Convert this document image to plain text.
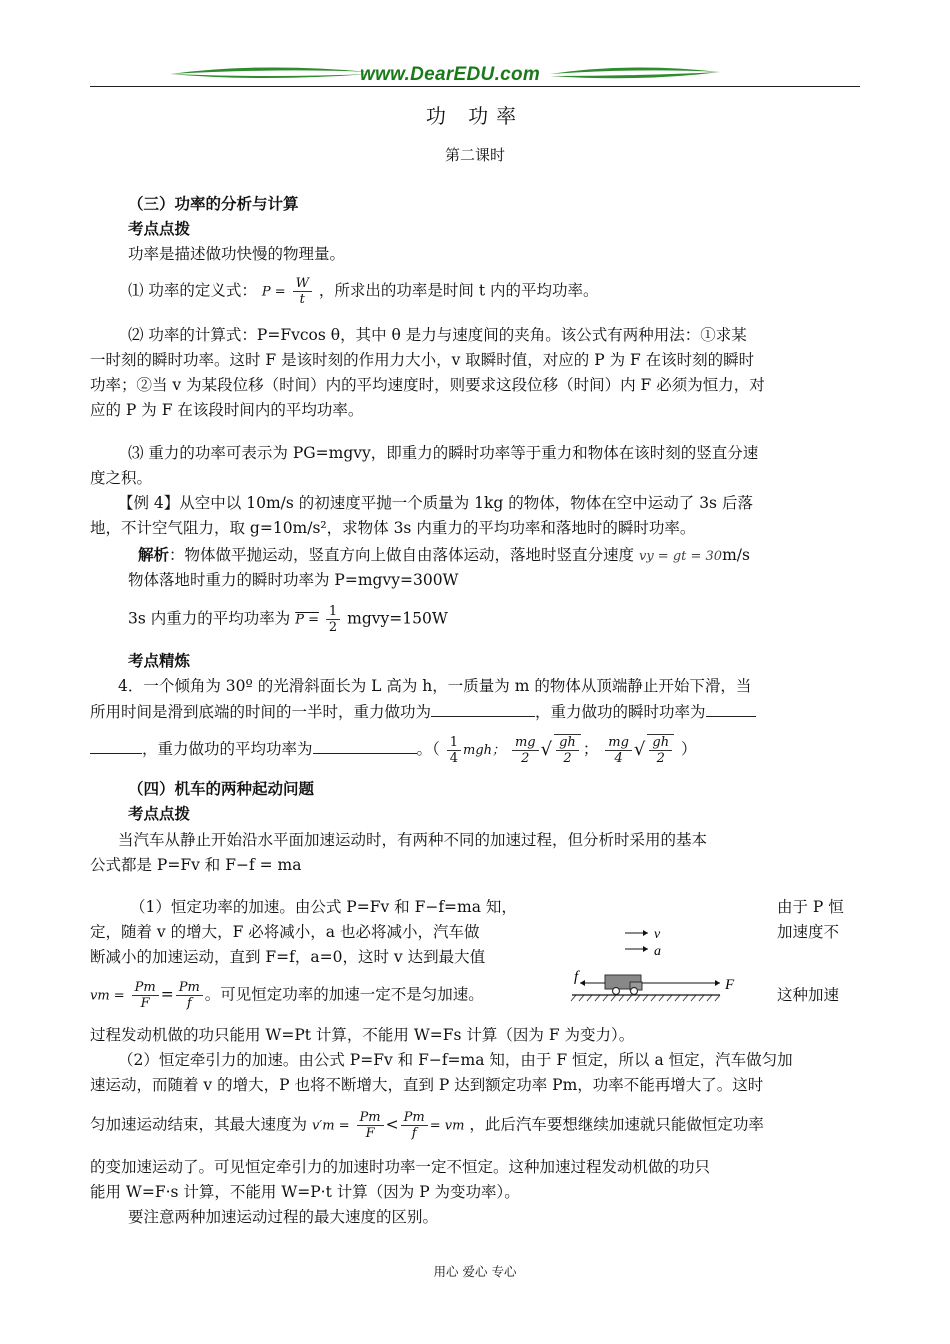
www.DearEDU.com
功 功率
第二课时
（三）功率的分析与计算
考点点拨
功率是描述做功快慢的物理量。
⑴ 功率的定义式： $P = \frac{W}{t}$ ，所求出的功率是时间 t 内的平均功率。
⑵ 功率的计算式：P=Fvcos θ，其中 θ 是力与速度间的夹角。该公式有两种用法：①求某
一时刻的瞬时功率。这时 F 是该时刻的作用力大小，v 取瞬时值，对应的 P 为 F 在该时刻的瞬时
功率；②当 v 为某段位移（时间）内的平均速度时，则要求这段位移（时间）内 F 必须为恒力，对
应的 P 为 F 在该段时间内的平均功率。
⑶ 重力的功率可表示为 PG=mgvy，即重力的瞬时功率等于重力和物体在该时刻的竖直分速
度之积。
【例 4】从空中以 10m/s 的初速度平抛一个质量为 1kg 的物体，物体在空中运动了 3s 后落
地，不计空气阻力，取 g=10m/s²，求物体 3s 内重力的平均功率和落地时的瞬时功率。
解析：物体做平抛运动，竖直方向上做自由落体运动，落地时竖直分速度 vy = gt = 30m/s
物体落地时重力的瞬时功率为 P=mgvy=300W
3s 内重力的平均功率为 $P = \frac{1}{2}$ mgvy=150W
考点精炼
4．一个倾角为 30º 的光滑斜面长为 L 高为 h，一质量为 m 的物体从顶端静止开始下滑，当
所用时间是滑到底端的时间的一半时，重力做功为	，重力做功的瞬时功率为
，重力做功的平均功率为	。（ $\frac{1}{4}$ mgh； $\frac{mg}{2}$ √ $\frac{gh}{2}$ ； $\frac{mg}{4}$ √ $\frac{gh}{2}$ ）
（四）机车的两种起动问题
考点点拨
当汽车从静止开始沿水平面加速运动时，有两种不同的加速过程，但分析时采用的基本
公式都是 P=Fv 和 F−f = ma
（1）恒定功率的加速。由公式 P=Fv 和 F−f=ma 知，
定，随着 v 的增大，F 必将减小，a 也必将减小，汽车做
断减小的加速运动，直到 F=f，a=0，这时 v 达到最大值
vm = $\frac{Pm}{F} = \frac{Pm}{f}$ 。可见恒定功率的加速一定不是匀加速。
由于 P 恒
加速度不
这种加速
v
a
f	F
过程发动机做的功只能用 W=Pt 计算，不能用 W=Fs 计算（因为 F 为变力）。
（2）恒定牵引力的加速。由公式 P=Fv 和 F−f=ma 知，由于 F 恒定，所以 a 恒定，汽车做匀加
速运动，而随着 v 的增大，P 也将不断增大，直到 P 达到额定功率 Pm，功率不能再增大了。这时
匀加速运动结束，其最大速度为 $v'm = \frac{Pm}{F} < \frac{Pm}{f}$ = vm ，此后汽车要想继续加速就只能做恒定功率
的变加速运动了。可见恒定牵引力的加速时功率一定不恒定。这种加速过程发动机做的功只
能用 W=F·s 计算，不能用 W=P·t 计算（因为 P 为变功率）。
要注意两种加速运动过程的最大速度的区别。
用心 爱心 专心
